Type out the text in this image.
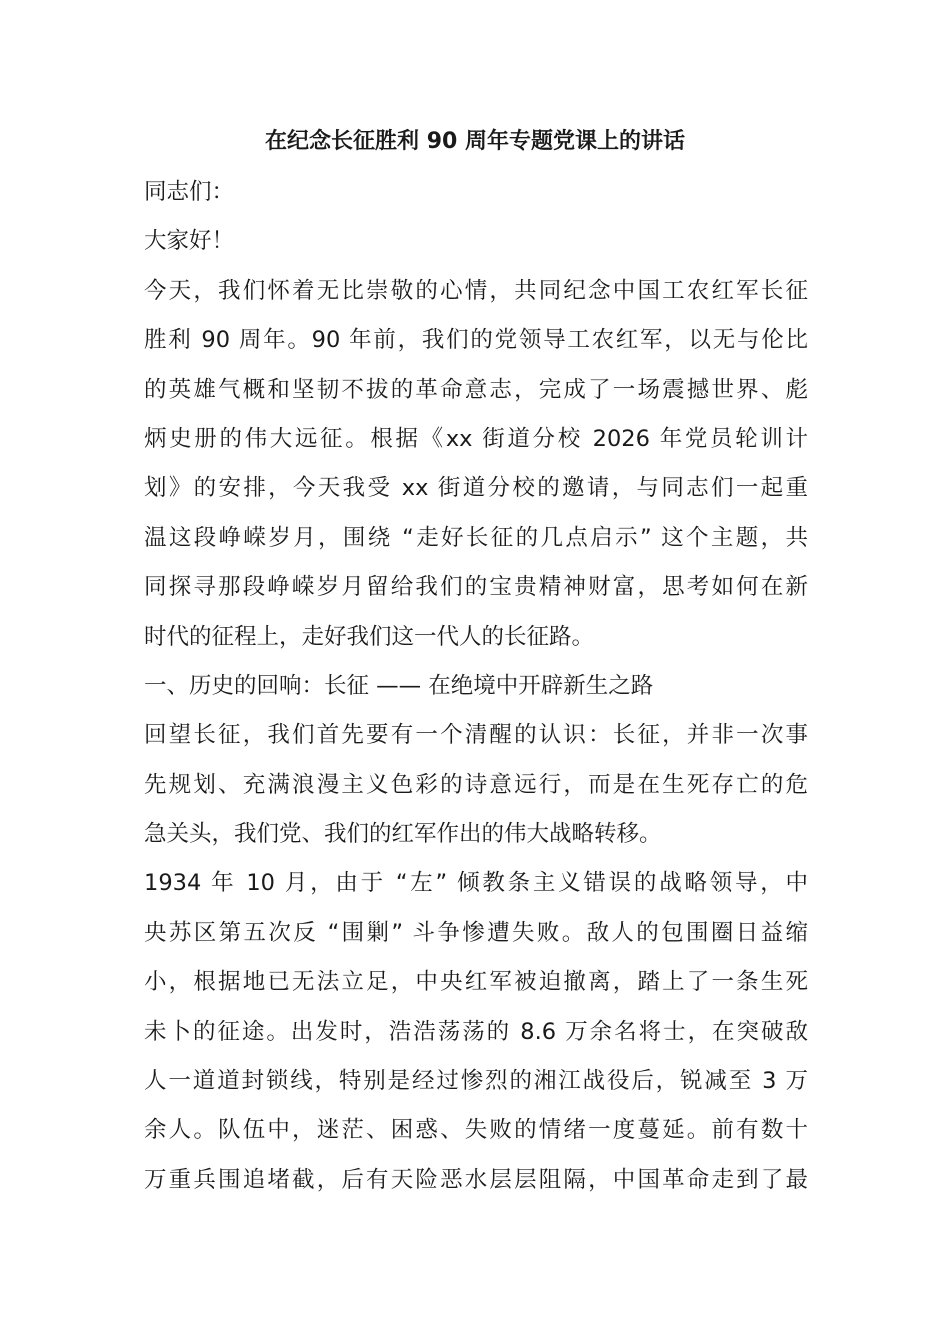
在纪念长征胜利 90 周年专题党课上的讲话
同志们：
大家好！
今天，我们怀着无比崇敬的心情，共同纪念中国工农红军长征
胜利 90 周年。90 年前，我们的党领导工农红军，以无与伦比
的英雄气概和坚韧不拔的革命意志，完成了一场震撼世界、彪
炳史册的伟大远征。根据《xx 街道分校 2026 年党员轮训计
划》的安排，今天我受 xx 街道分校的邀请，与同志们一起重
温这段峥嵘岁月，围绕 “走好长征的几点启示” 这个主题，共
同探寻那段峥嵘岁月留给我们的宝贵精神财富，思考如何在新
时代的征程上，走好我们这一代人的长征路。
一、历史的回响：长征 —— 在绝境中开辟新生之路
回望长征，我们首先要有一个清醒的认识：长征，并非一次事
先规划、充满浪漫主义色彩的诗意远行，而是在生死存亡的危
急关头，我们党、我们的红军作出的伟大战略转移。
1934 年 10 月，由于 “左” 倾教条主义错误的战略领导，中
央苏区第五次反 “围剿” 斗争惨遭失败。敌人的包围圈日益缩
小，根据地已无法立足，中央红军被迫撤离，踏上了一条生死
未卜的征途。出发时，浩浩荡荡的 8.6 万余名将士，在突破敌
人一道道封锁线，特别是经过惨烈的湘江战役后，锐减至 3 万
余人。队伍中，迷茫、困惑、失败的情绪一度蔓延。前有数十
万重兵围追堵截，后有天险恶水层层阻隔，中国革命走到了最
